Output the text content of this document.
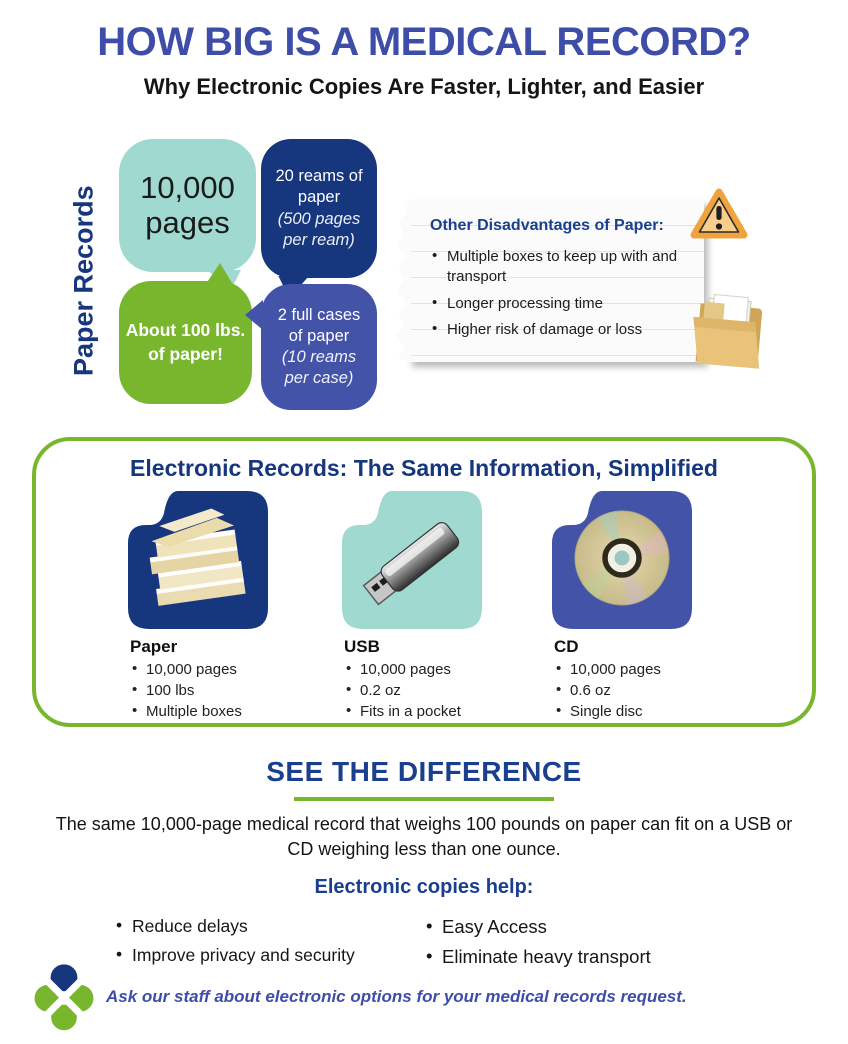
HOW BIG IS A MEDICAL RECORD?
Why Electronic Copies Are Faster, Lighter, and Easier
Paper Records 10,000
pages
20 reams of
paper
(500 pages
per ream)
About 100 lbs.
of paper!
2 full cases
of paper
(10 reams
per case)
Other Disadvantages of Paper:
• Multiple boxes to keep up with and transport
• Longer processing time
• Higher risk of damage or loss
Electronic Records: The Same Information, Simplified
Paper
• 10,000 pages
• 100 lbs
• Multiple boxes
USB
• 10,000 pages
• 0.2 oz
• Fits in a pocket
CD
• 10,000 pages
• 0.6 oz
• Single disc
SEE THE DIFFERENCE

The same 10,000-page medical record that weighs 100 pounds on paper can fit on a USB or CD weighing less than one ounce.

Electronic copies help:
• Reduce delays
• Improve privacy and security
• Easy Access
• Eliminate heavy transport
Ask our staff about electronic options for your medical records request.
